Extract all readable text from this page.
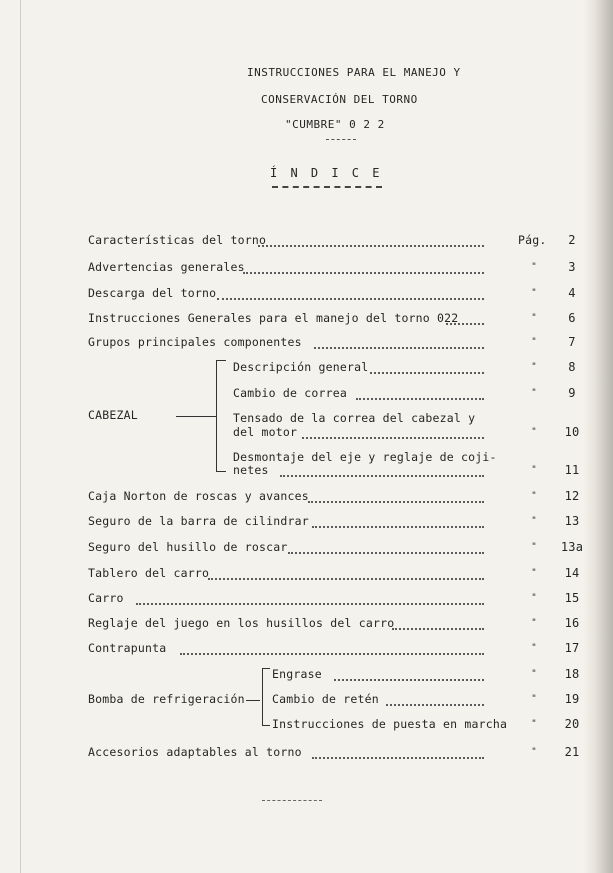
INSTRUCCIONES PARA EL MANEJO Y
CONSERVACIÓN DEL TORNO
"CUMBRE" 0 2 2
Í N D I C E
Características del torno	Pág.	2
Advertencias generales	"	3
Descarga del torno	"	4
Instrucciones Generales para el manejo del torno 022	"	6
Grupos principales componentes	"	7
CABEZAL
Descripción general	"	8
Cambio de correa	"	9
Tensado de la correa del cabezal y
del motor	"	10
Desmontaje del eje y reglaje de coji-
netes	"	11
Caja Norton de roscas y avances	"	12
Seguro de la barra de cilindrar	"	13
Seguro del husillo de roscar	" 13a
Tablero del carro	"	14
Carro	"	15
Reglaje del juego en los husillos del carro	"	16
Contrapunta	"	17
Bomba de refrigeración
Engrase	"	18
Cambio de retén	"	19
Instrucciones de puesta en marcha	"	20
Accesorios adaptables al torno	"	21
